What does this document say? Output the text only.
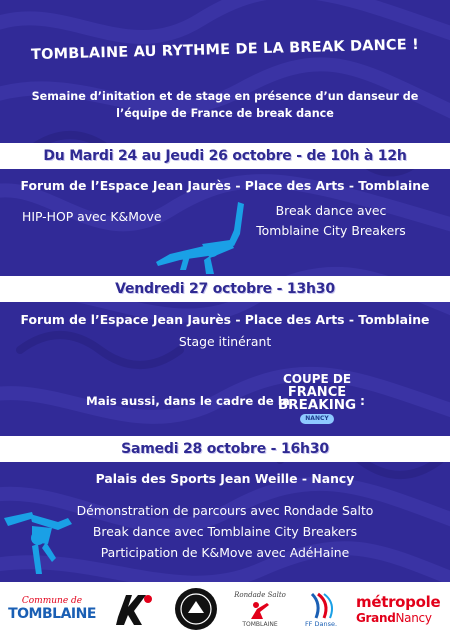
TOMBLAINE AU RYTHME DE LA BREAK DANCE !
Semaine d’initation et de stage en présence d’un danseur de l’équipe de France de break dance
Du Mardi 24 au Jeudi 26 octobre - de 10h à 12h
Forum de l’Espace Jean Jaurès - Place des Arts - Tomblaine
HIP-HOP avec K&Move	Break dance avec
Tomblaine City Breakers
Vendredi 27 octobre - 13h30
Forum de l’Espace Jean Jaurès - Place des Arts - Tomblaine
Stage itinérant
Mais aussi, dans le cadre de la
COUPE DE
FRANCE
BREAKING
NANCY
:
Samedi 28 octobre - 16h30
Palais des Sports Jean Weille - Nancy
Démonstration de parcours avec Rondade Salto
Break dance avec Tomblaine City Breakers
Participation de K&Move avec AdéHaine
Commune de
TOMBLAINE
Rondade Salto
TOMBLAINE	FF Danse.
métropole
GrandNancy
